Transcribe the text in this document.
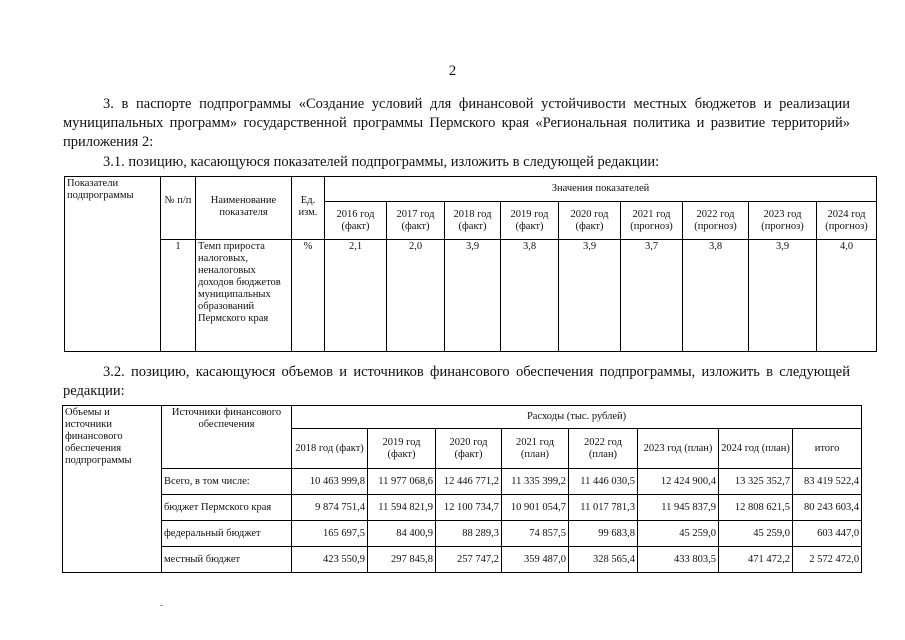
2
3. в паспорте подпрограммы «Создание условий для финансовой устойчивости местных бюджетов и реализации муниципальных программ» государственной программы Пермского края «Региональная политика и развитие территорий» приложения 2:
3.1. позицию, касающуюся показателей подпрограммы, изложить в следующей редакции:
Показатели подпрограммы	№ п/п	Наименование показателя	Ед. изм.	Значения показателей								
				2016 год (факт)	2017 год (факт)	2018 год (факт)	2019 год (факт)	2020 год (факт)	2021 год (прогноз)	2022 год (прогноз)	2023 год (прогноз)	2024 год (прогноз)
	1	Темп прироста налоговых, неналоговых доходов бюджетов муниципальных образований Пермского края	%	2,1	2,0	3,9	3,8	3,9	3,7	3,8	3,9	4,0
3.2. позицию, касающуюся объемов и источников финансового обеспечения подпрограммы, изложить в следующей редакции:
Объемы и источники финансового обеспечения подпрограммы	Источники финансового обеспечения	Расходы (тыс. рублей)							
		2018 год (факт)	2019 год (факт)	2020 год (факт)	2021 год (план)	2022 год (план)	2023 год (план)	2024 год (план)	итого
	Всего, в том числе:	10 463 999,8	11 977 068,6	12 446 771,2	11 335 399,2	11 446 030,5	12 424 900,4	13 325 352,7	83 419 522,4
	бюджет Пермского края	9 874 751,4	11 594 821,9	12 100 734,7	10 901 054,7	11 017 781,3	11 945 837,9	12 808 621,5	80 243 603,4
	федеральный бюджет	165 697,5	84 400,9	88 289,3	74 857,5	99 683,8	45 259,0	45 259,0	603 447,0
	местный бюджет	423 550,9	297 845,8	257 747,2	359 487,0	328 565,4	433 803,5	471 472,2	2 572 472,0
